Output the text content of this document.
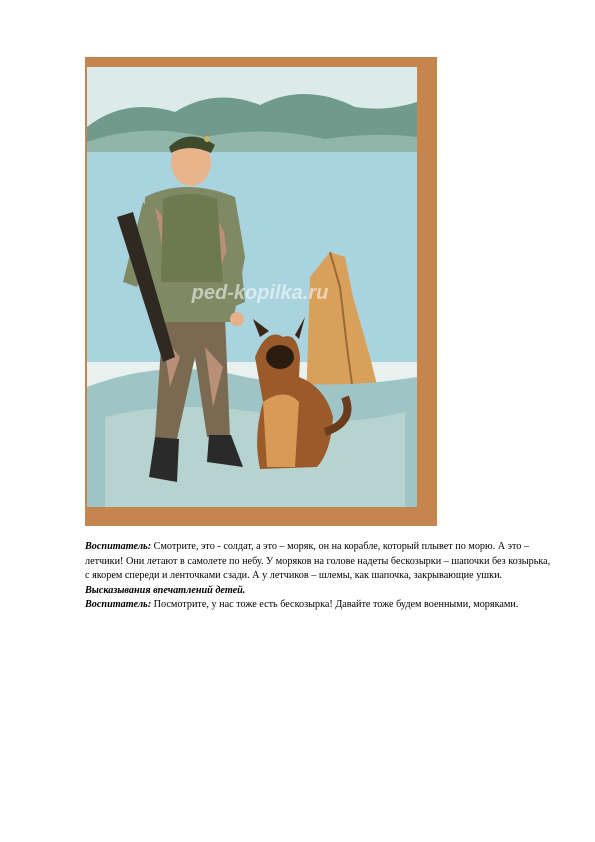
ped-kopilka.ru

Воспитатель: Смотрите, это - солдат, а это – моряк, он на корабле, который плывет по морю. А это – летчики! Они летают в самолете по небу. У моряков на голове надеты бескозырки – шапочки без козырька, с якорем спереди и ленточками сзади. А у летчиков – шлемы, как шапочка, закрывающие ушки.

Высказывания впечатлений детей.

Воспитатель: Посмотрите, у нас тоже есть бескозырка! Давайте тоже будем военными, моряками.
